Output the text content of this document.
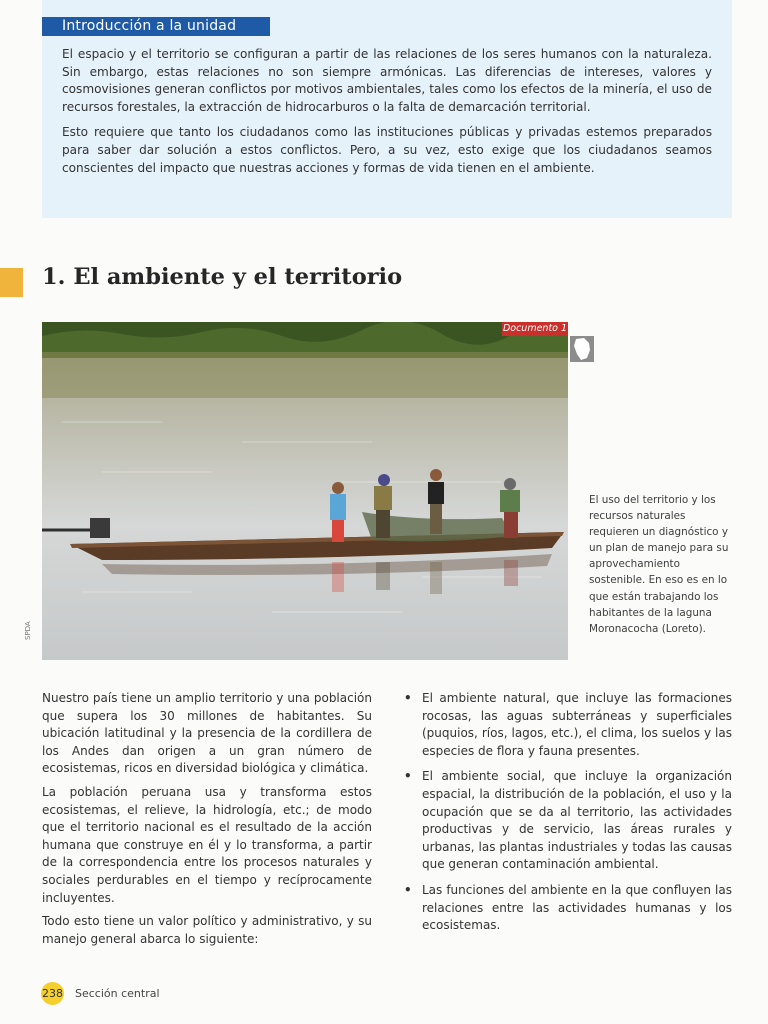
Introducción a la unidad

El espacio y el territorio se configuran a partir de las relaciones de los seres humanos con la naturaleza. Sin embargo, estas relaciones no son siempre armónicas. Las diferencias de intereses, valores y cosmovisiones generan conflictos por motivos ambientales, tales como los efectos de la minería, el uso de recursos forestales, la extracción de hidrocarburos o la falta de demarcación territorial.

Esto requiere que tanto los ciudadanos como las instituciones públicas y privadas estemos preparados para saber dar solución a estos conflictos. Pero, a su vez, esto exige que los ciudadanos seamos conscientes del impacto que nuestras acciones y formas de vida tienen en el ambiente.

1. El ambiente y el territorio
Documento 1
SPDA
El uso del territorio y los recursos naturales requieren un diagnóstico y un plan de manejo para su aprovechamiento sostenible. En eso es en lo que están trabajando los habitantes de la laguna Moronacocha (Loreto).

Nuestro país tiene un amplio territorio y una población que supera los 30 millones de habitantes. Su ubicación latitudinal y la presencia de la cordillera de los Andes dan origen a un gran número de ecosistemas, ricos en diversidad biológica y climática.

La población peruana usa y transforma estos ecosistemas, el relieve, la hidrología, etc.; de modo que el territorio nacional es el resultado de la acción humana que construye en él y lo transforma, a partir de la correspondencia entre los procesos naturales y sociales perdurables en el tiempo y recíprocamente incluyentes.

Todo esto tiene un valor político y administrativo, y su manejo general abarca lo siguiente:

• El ambiente natural, que incluye las formaciones rocosas, las aguas subterráneas y superficiales (puquios, ríos, lagos, etc.), el clima, los suelos y las especies de flora y fauna presentes.
• El ambiente social, que incluye la organización espacial, la distribución de la población, el uso y la ocupación que se da al territorio, las actividades productivas y de servicio, las áreas rurales y urbanas, las plantas industriales y todas las causas que generan contaminación ambiental.
• Las funciones del ambiente en la que confluyen las relaciones entre las actividades humanas y los ecosistemas.
238 Sección central
